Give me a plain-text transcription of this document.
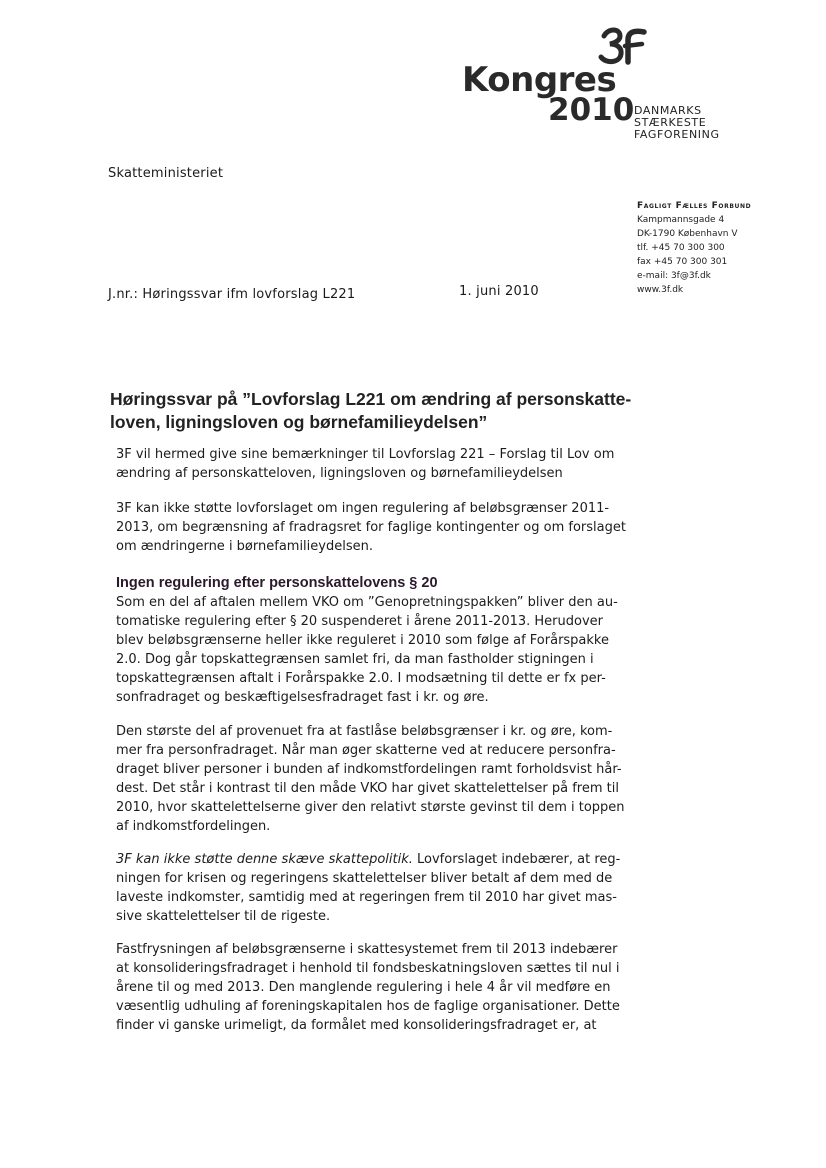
Kongres
2010 DANMARKS
STÆRKESTE
FAGFORENING
Skatteministeriet
Fagligt Fælles Forbund
Kampmannsgade 4
DK-1790 København V
tlf. +45 70 300 300
fax +45 70 300 301
e-mail: 3f@3f.dk
www.3f.dk
J.nr.: Høringssvar ifm lovforslag L221	1. juni 2010
Høringssvar på ”Lovforslag L221 om ændring af personskatte-
loven, ligningsloven og børnefamilieydelsen”
3F vil hermed give sine bemærkninger til Lovforslag 221 – Forslag til Lov om
ændring af personskatteloven, ligningsloven og børnefamilieydelsen
3F kan ikke støtte lovforslaget om ingen regulering af beløbsgrænser 2011-
2013, om begrænsning af fradragsret for faglige kontingenter og om forslaget
om ændringerne i børnefamilieydelsen.
Ingen regulering efter personskattelovens § 20
Som en del af aftalen mellem VKO om ”Genopretningspakken” bliver den au-
tomatiske regulering efter § 20 suspenderet i årene 2011-2013. Herudover
blev beløbsgrænserne heller ikke reguleret i 2010 som følge af Forårspakke
2.0. Dog går topskattegrænsen samlet fri, da man fastholder stigningen i
topskattegrænsen aftalt i Forårspakke 2.0. I modsætning til dette er fx per-
sonfradraget og beskæftigelsesfradraget fast i kr. og øre.
Den største del af provenuet fra at fastlåse beløbsgrænser i kr. og øre, kom-
mer fra personfradraget. Når man øger skatterne ved at reducere personfra-
draget bliver personer i bunden af indkomstfordelingen ramt forholdsvist hår-
dest. Det står i kontrast til den måde VKO har givet skattelettelser på frem til
2010, hvor skattelettelserne giver den relativt største gevinst til dem i toppen
af indkomstfordelingen.
3F kan ikke støtte denne skæve skattepolitik. Lovforslaget indebærer, at reg-
ningen for krisen og regeringens skattelettelser bliver betalt af dem med de
laveste indkomster, samtidig med at regeringen frem til 2010 har givet mas-
sive skattelettelser til de rigeste.
Fastfrysningen af beløbsgrænserne i skattesystemet frem til 2013 indebærer
at konsolideringsfradraget i henhold til fondsbeskatningsloven sættes til nul i
årene til og med 2013. Den manglende regulering i hele 4 år vil medføre en
væsentlig udhuling af foreningskapitalen hos de faglige organisationer. Dette
finder vi ganske urimeligt, da formålet med konsolideringsfradraget er, at
